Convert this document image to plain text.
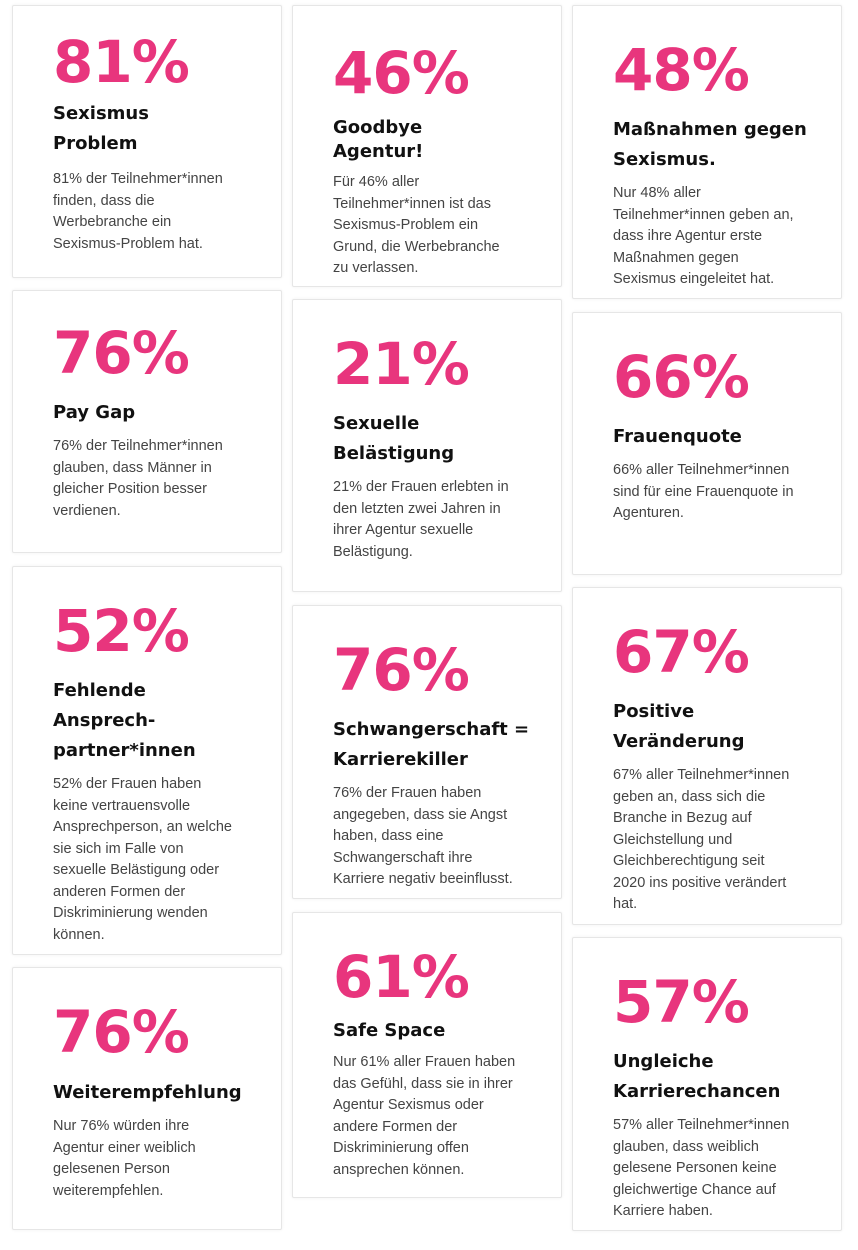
81%

Sexismus
Problem

81% der Teilnehmer*innen
finden, dass die
Werbebranche ein
Sexismus-Problem hat.

76%

Pay Gap

76% der Teilnehmer*innen
glauben, dass Männer in
gleicher Position besser
verdienen.

52%

Fehlende
Ansprech-
partner*innen

52% der Frauen haben
keine vertrauensvolle
Ansprechperson, an welche
sie sich im Falle von
sexuelle Belästigung oder
anderen Formen der
Diskriminierung wenden
können.

76%

Weiterempfehlung

Nur 76% würden ihre
Agentur einer weiblich
gelesenen Person
weiterempfehlen.

46%

Goodbye
Agentur!

Für 46% aller
Teilnehmer*innen ist das
Sexismus-Problem ein
Grund, die Werbebranche
zu verlassen.

21%

Sexuelle
Belästigung

21% der Frauen erlebten in
den letzten zwei Jahren in
ihrer Agentur sexuelle
Belästigung.

76%

Schwangerschaft =
Karrierekiller

76% der Frauen haben
angegeben, dass sie Angst
haben, dass eine
Schwangerschaft ihre
Karriere negativ beeinflusst.

61%

Safe Space

Nur 61% aller Frauen haben
das Gefühl, dass sie in ihrer
Agentur Sexismus oder
andere Formen der
Diskriminierung offen
ansprechen können.

48%

Maßnahmen gegen
Sexismus.

Nur 48% aller
Teilnehmer*innen geben an,
dass ihre Agentur erste
Maßnahmen gegen
Sexismus eingeleitet hat.

66%

Frauenquote

66% aller Teilnehmer*innen
sind für eine Frauenquote in
Agenturen.

67%

Positive
Veränderung

67% aller Teilnehmer*innen
geben an, dass sich die
Branche in Bezug auf
Gleichstellung und
Gleichberechtigung seit
2020 ins positive verändert
hat.

57%

Ungleiche
Karrierechancen

57% aller Teilnehmer*innen
glauben, dass weiblich
gelesene Personen keine
gleichwertige Chance auf
Karriere haben.
